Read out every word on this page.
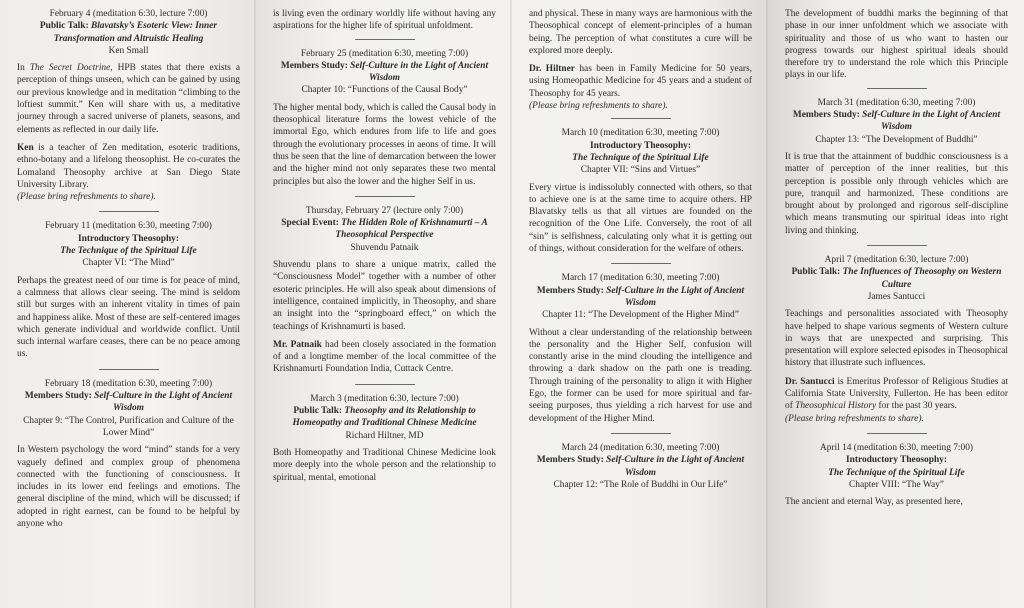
February 4 (meditation 6:30, lecture 7:00)

Public Talk: Blavatsky’s Esoteric View: Inner Transformation and Altruistic Healing

Ken Small

In The Secret Doctrine, HPB states that there exists a perception of things unseen, which can be gained by using our previous knowledge and in meditation “climbing to the loftiest summit.” Ken will share with us, a meditative journey through a sacred universe of planets, seasons, and elements as reflected in our daily life.

Ken is a teacher of Zen meditation, esoteric traditions, ethno-botany and a lifelong theosophist. He co-curates the Lomaland Theosophy archive at San Diego State University Library.

(Please bring refreshments to share).

February 11 (meditation 6:30, meeting 7:00)

Introductory Theosophy:

The Technique of the Spiritual Life

Chapter VI: “The Mind”

Perhaps the greatest need of our time is for peace of mind, a calmness that allows clear seeing. The mind is seldom still but surges with an inherent vitality in times of pain and happiness alike. Most of these are self-centered images which generate individual and worldwide conflict. Until such internal warfare ceases, there can be no peace among us.

February 18 (meditation 6:30, meeting 7:00)

Members Study: Self-Culture in the Light of Ancient Wisdom

Chapter 9: “The Control, Purification and Culture of the Lower Mind”

In Western psychology the word “mind” stands for a very vaguely defined and complex group of phenomena connected with the functioning of consciousness. It includes in its lower end feelings and emotions. The general discipline of the mind, which will be discussed; if adopted in right earnest, can be found to be helpful by anyone who

is living even the ordinary worldly life without having any aspirations for the higher life of spiritual unfoldment.

February 25 (meditation 6:30, meeting 7:00)

Members Study: Self-Culture in the Light of Ancient Wisdom

Chapter 10: “Functions of the Causal Body”

The higher mental body, which is called the Causal body in theosophical literature forms the lowest vehicle of the immortal Ego, which endures from life to life and goes through the evolutionary processes in aeons of time. It will thus be seen that the line of demarcation between the lower and the higher mind not only separates these two mental principles but also the lower and the higher Self in us.

Thursday, February 27 (lecture only 7:00)

Special Event: The Hidden Role of Krishnamurti – A Theosophical Perspective

Shuvendu Patnaik

Shuvendu plans to share a unique matrix, called the “Consciousness Model” together with a number of other esoteric principles. He will also speak about dimensions of intelligence, contained implicitly, in Theosophy, and share an insight into the “springboard effect,” on which the teachings of Krishnamurti is based.

Mr. Patnaik had been closely associated in the formation of and a longtime member of the local committee of the Krishnamurti Foundation India, Cuttack Centre.

March 3 (meditation 6:30, lecture 7:00)

Public Talk: Theosophy and its Relationship to Homeopathy and Traditional Chinese Medicine

Richard Hiltner, MD

Both Homeopathy and Traditional Chinese Medicine look more deeply into the whole person and the relationship to spiritual, mental, emotional

and physical. These in many ways are harmonious with the Theosophical concept of element-principles of a human being. The perception of what constitutes a cure will be explored more deeply.

Dr. Hiltner has been in Family Medicine for 50 years, using Homeopathic Medicine for 45 years and a student of Theosophy for 45 years.

(Please bring refreshments to share).

March 10 (meditation 6:30, meeting 7:00)

Introductory Theosophy:

The Technique of the Spiritual Life

Chapter VII: “Sins and Virtues”

Every virtue is indissolubly connected with others, so that to achieve one is at the same time to acquire others. HP Blavatsky tells us that all virtues are founded on the recognition of the One Life. Conversely, the root of all “sin” is selfishness, calculating only what it is getting out of things, without consideration for the welfare of others.

March 17 (meditation 6:30, meeting 7:00)

Members Study: Self-Culture in the Light of Ancient Wisdom

Chapter 11: “The Development of the Higher Mind”

Without a clear understanding of the relationship between the personality and the Higher Self, confusion will constantly arise in the mind clouding the intelligence and throwing a dark shadow on the path one is treading. Through training of the personality to align it with Higher Ego, the former can be used for more spiritual and far-seeing purposes, thus yielding a rich harvest for use and development of the Higher Mind.

March 24 (meditation 6:30, meeting 7:00)

Members Study: Self-Culture in the Light of Ancient Wisdom

Chapter 12: “The Role of Buddhi in Our Life”

The development of buddhi marks the beginning of that phase in our inner unfoldment which we associate with spirituality and those of us who want to hasten our progress towards our highest spiritual ideals should therefore try to understand the role which this Principle plays in our life.

March 31 (meditation 6:30, meeting 7:00)

Members Study: Self-Culture in the Light of Ancient Wisdom

Chapter 13: “The Development of Buddhi”

It is true that the attainment of buddhic consciousness is a matter of perception of the inner realities, but this perception is possible only through vehicles which are pure, tranquil and harmonized. These conditions are brought about by prolonged and rigorous self-discipline which means transmuting our spiritual ideas into right living and thinking.

April 7 (meditation 6:30, lecture 7:00)

Public Talk: The Influences of Theosophy on Western Culture

James Santucci

Teachings and personalities associated with Theosophy have helped to shape various segments of Western culture in ways that are unexpected and surprising. This presentation will explore selected episodes in Theosophical history that illustrate such influences.

Dr. Santucci is Emeritus Professor of Religious Studies at California State University, Fullerton. He has been editor of Theosophical History for the past 30 years.

(Please bring refreshments to share).

April 14 (meditation 6:30, meeting 7:00)

Introductory Theosophy:

The Technique of the Spiritual Life

Chapter VIII: “The Way”

The ancient and eternal Way, as presented here,
